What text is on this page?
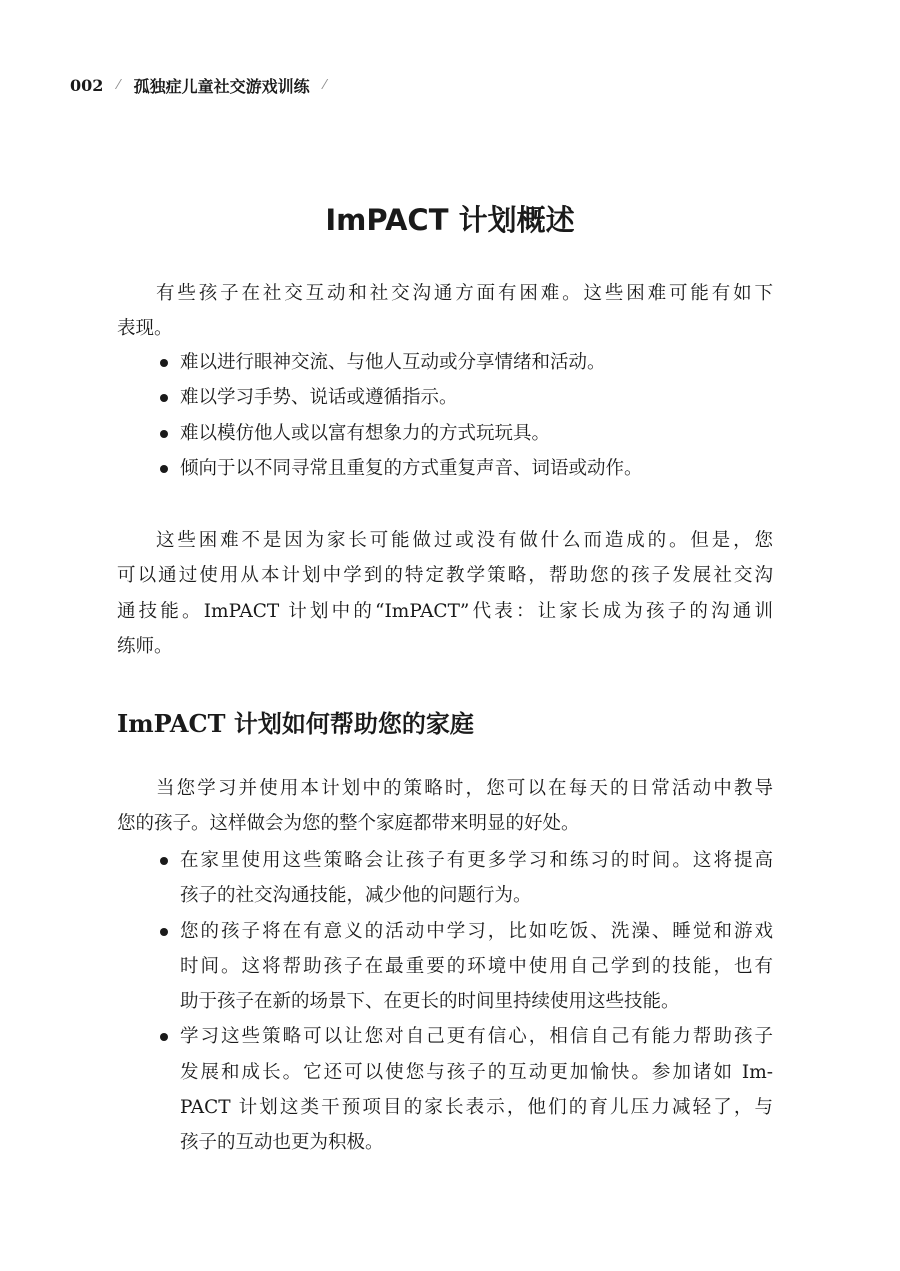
002 ⁄ 孤独症儿童社交游戏训练 ⁄
ImPACT 计划概述
有些孩子在社交互动和社交沟通方面有困难。这些困难可能有如下
表现。
难以进行眼神交流、与他人互动或分享情绪和活动。
难以学习手势、说话或遵循指示。
难以模仿他人或以富有想象力的方式玩玩具。
倾向于以不同寻常且重复的方式重复声音、词语或动作。
这些困难不是因为家长可能做过或没有做什么而造成的。但是，您
可以通过使用从本计划中学到的特定教学策略，帮助您的孩子发展社交沟
通技能。ImPACT 计划中的“ImPACT”代表：让家长成为孩子的沟通训
练师。
ImPACT 计划如何帮助您的家庭
当您学习并使用本计划中的策略时，您可以在每天的日常活动中教导
您的孩子。这样做会为您的整个家庭都带来明显的好处。
在家里使用这些策略会让孩子有更多学习和练习的时间。这将提高
孩子的社交沟通技能，减少他的问题行为。
您的孩子将在有意义的活动中学习，比如吃饭、洗澡、睡觉和游戏
时间。这将帮助孩子在最重要的环境中使用自己学到的技能，也有
助于孩子在新的场景下、在更长的时间里持续使用这些技能。
学习这些策略可以让您对自己更有信心，相信自己有能力帮助孩子
发展和成长。它还可以使您与孩子的互动更加愉快。参加诸如 Im-
PACT 计划这类干预项目的家长表示，他们的育儿压力减轻了，与
孩子的互动也更为积极。
